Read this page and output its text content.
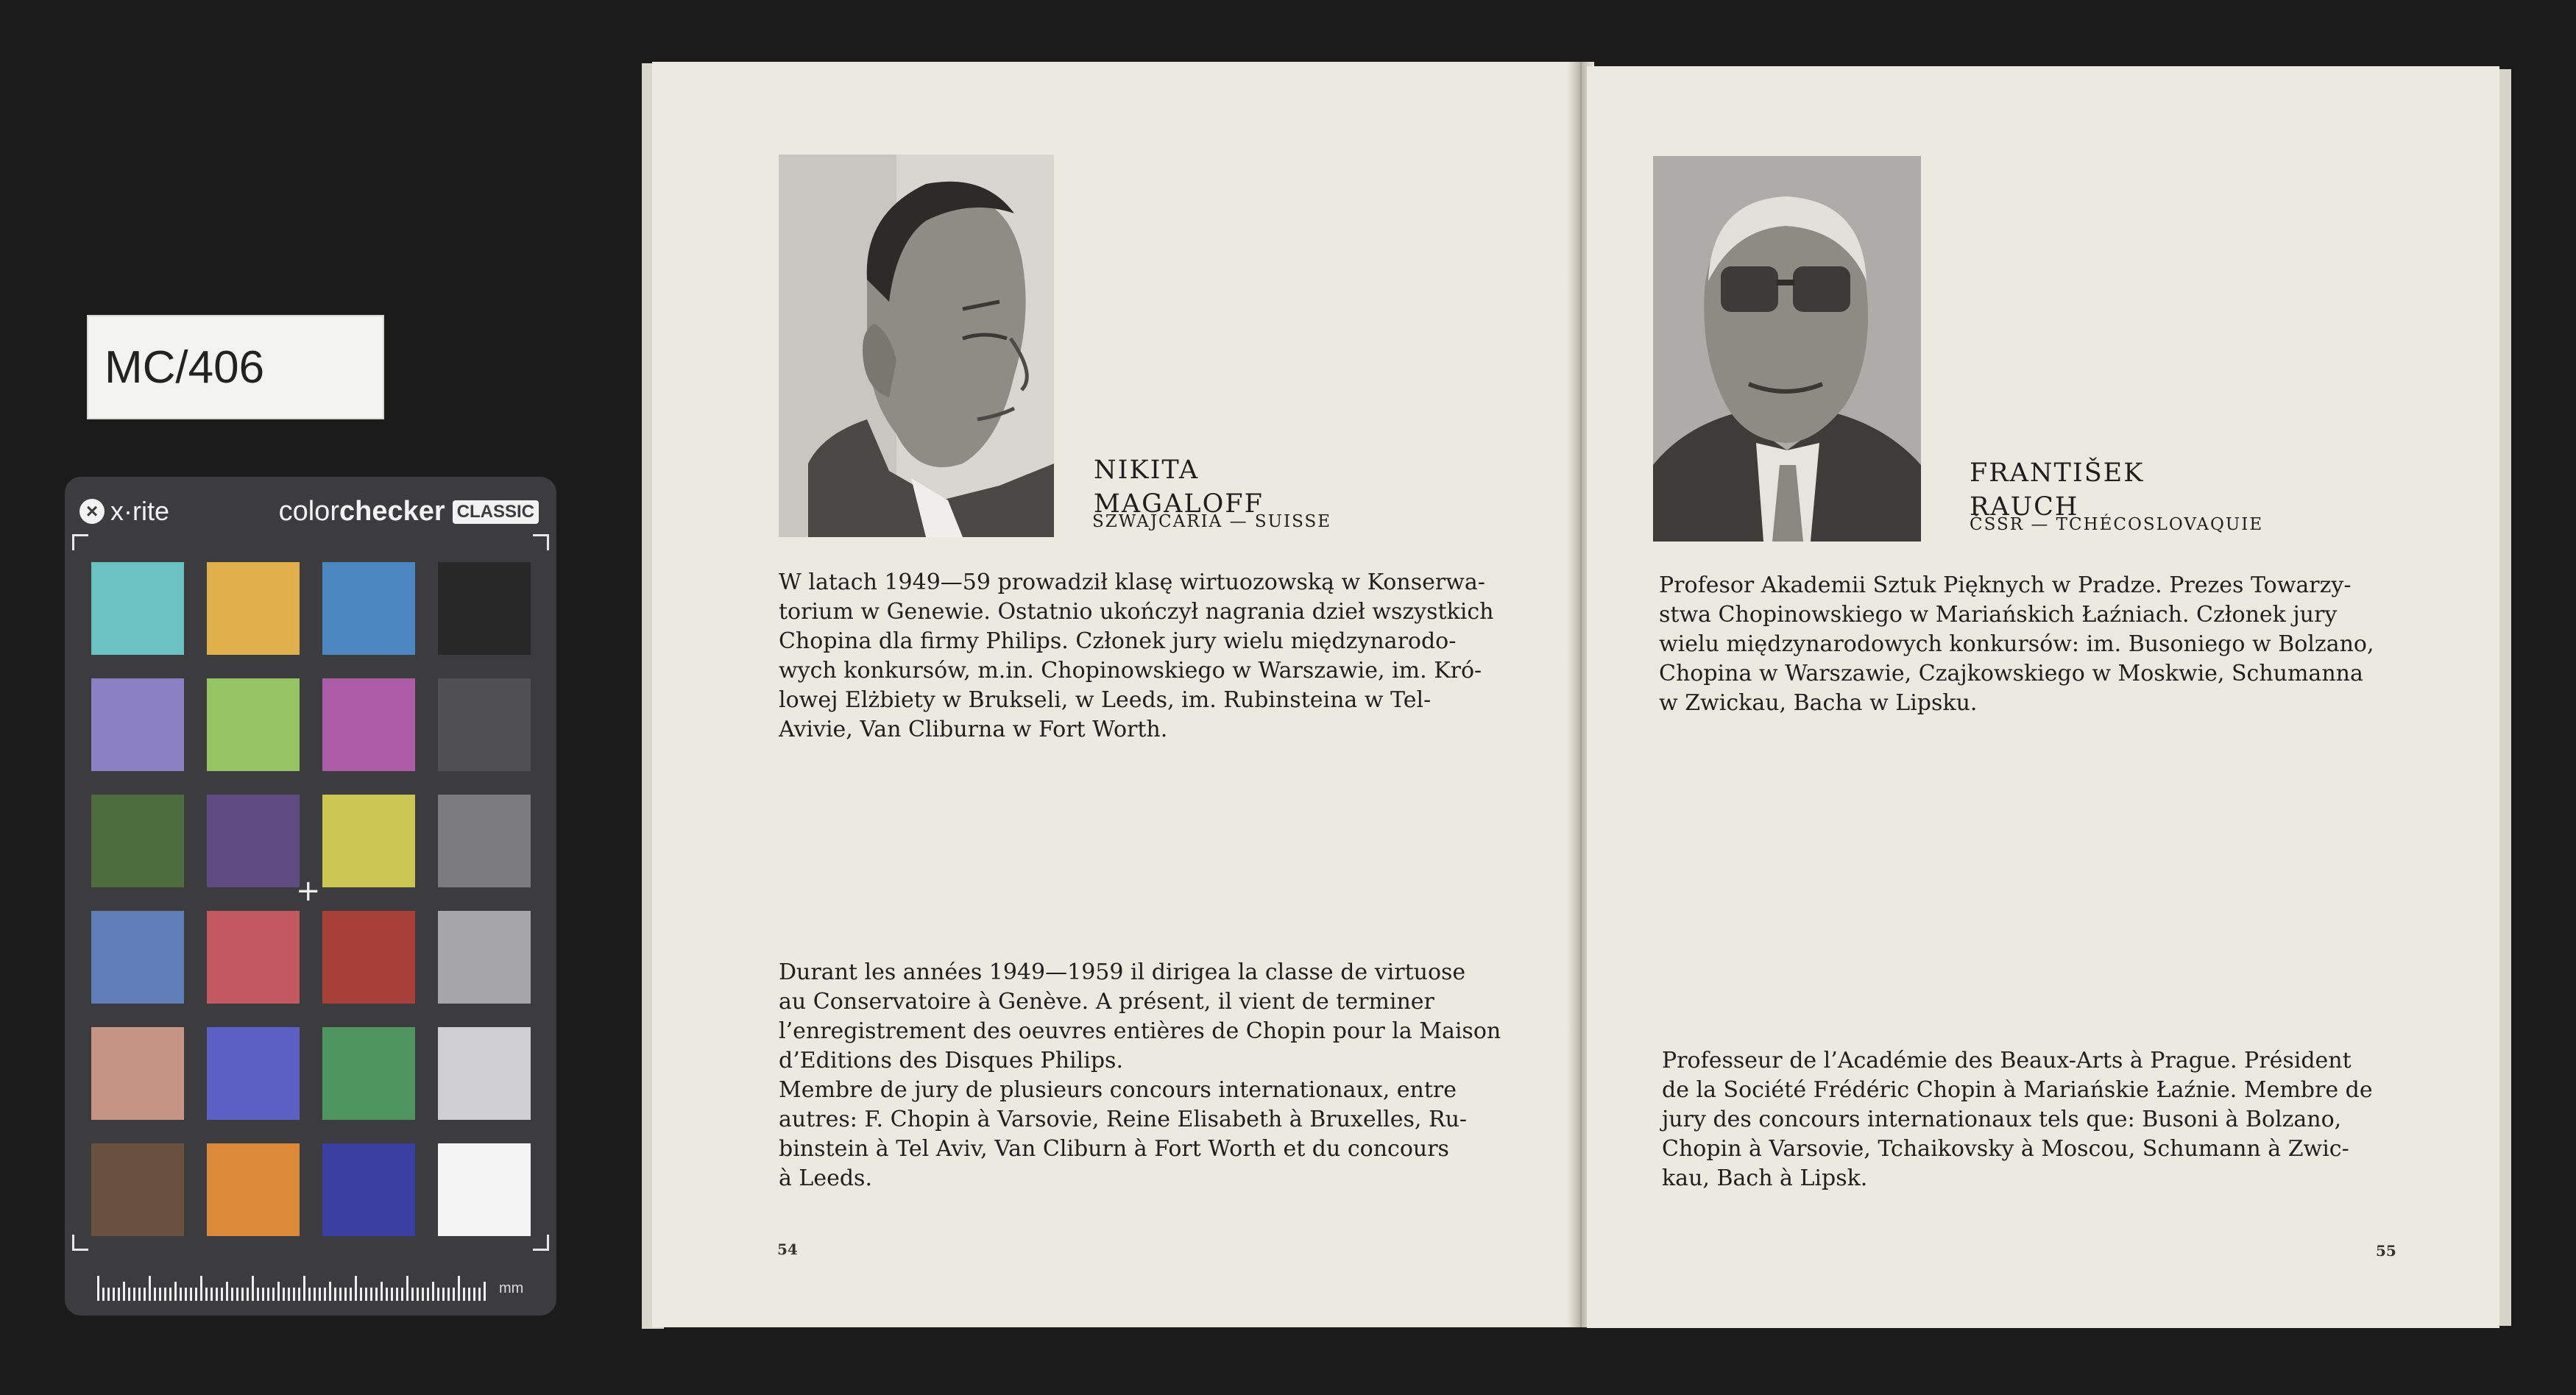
MC/406
× x·rite	colorchecker CLASSIC
+
mm
NIKITA
MAGALOFF
SZWAJCARIA — SUISSE

W latach 1949—59 prowadził klasę wirtuozowską w Konserwa-
torium w Genewie. Ostatnio ukończył nagrania dzieł wszystkich
Chopina dla firmy Philips. Członek jury wielu międzynarodo-
wych konkursów, m.in. Chopinowskiego w Warszawie, im. Kró-
lowej Elżbiety w Brukseli, w Leeds, im. Rubinsteina w Tel-
Avivie, Van Cliburna w Fort Worth.

Durant les années 1949—1959 il dirigea la classe de virtuose
au Conservatoire à Genève. A présent, il vient de terminer
l’enregistrement des oeuvres entières de Chopin pour la Maison
d’Editions des Disques Philips.
Membre de jury de plusieurs concours internationaux, entre
autres: F. Chopin à Varsovie, Reine Elisabeth à Bruxelles, Ru-
binstein à Tel Aviv, Van Cliburn à Fort Worth et du concours
à Leeds.

54
FRANTIŠEK
RAUCH
ČSSR — TCHÉCOSLOVAQUIE

Profesor Akademii Sztuk Pięknych w Pradze. Prezes Towarzy-
stwa Chopinowskiego w Mariańskich Łaźniach. Członek jury
wielu międzynarodowych konkursów: im. Busoniego w Bolzano,
Chopina w Warszawie, Czajkowskiego w Moskwie, Schumanna
w Zwickau, Bacha w Lipsku.

Professeur de l’Académie des Beaux-Arts à Prague. Président
de la Société Frédéric Chopin à Mariańskie Łaźnie. Membre de
jury des concours internationaux tels que: Busoni à Bolzano,
Chopin à Varsovie, Tchaikovsky à Moscou, Schumann à Zwic-
kau, Bach à Lipsk.

55
